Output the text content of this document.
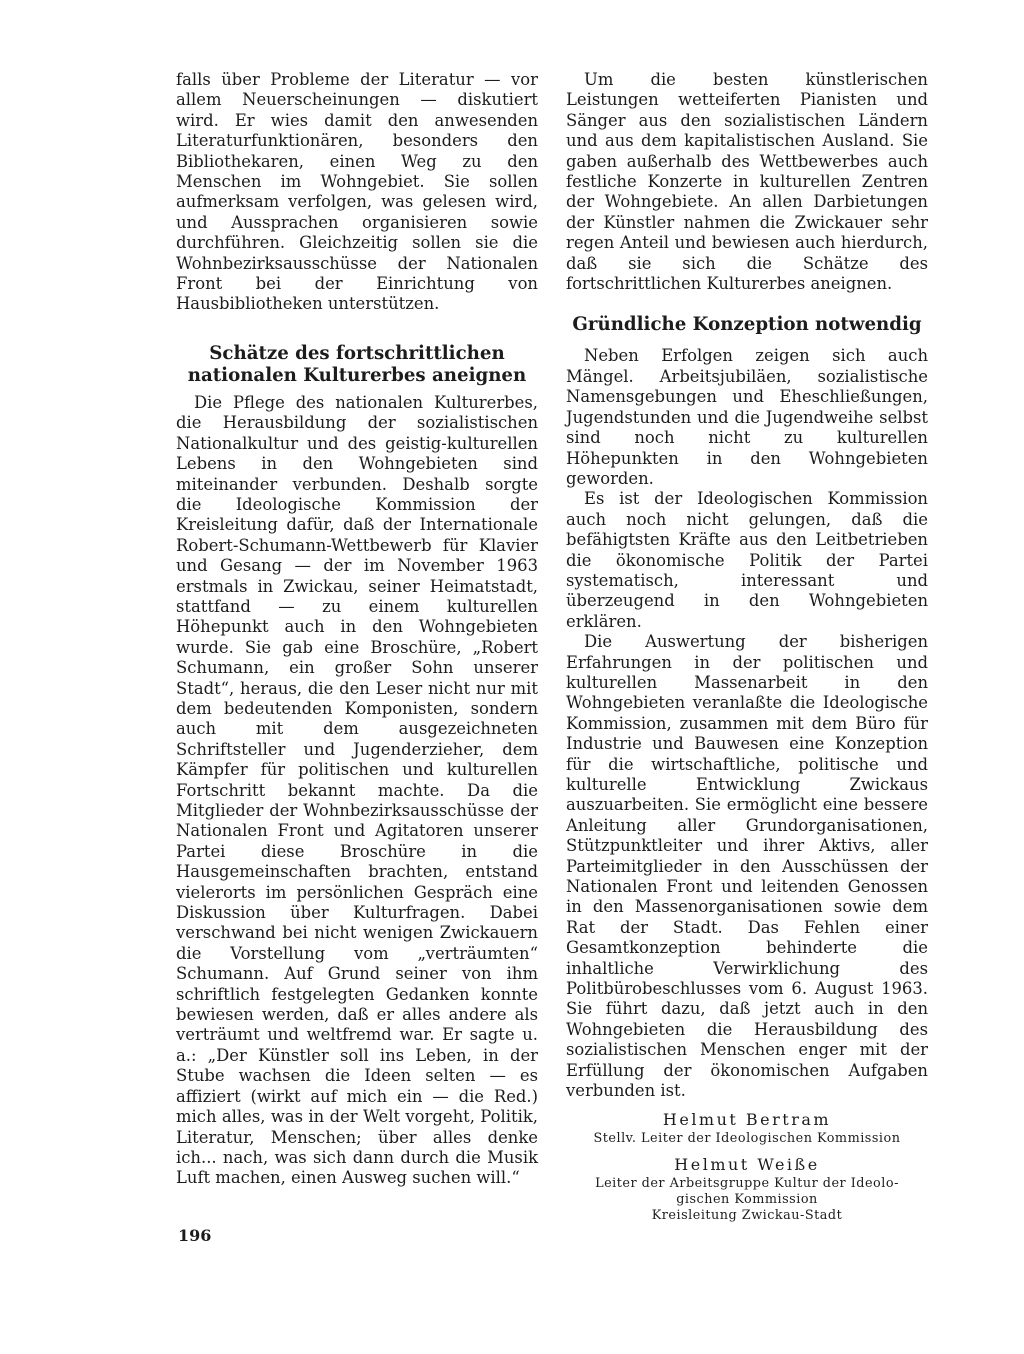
falls über Probleme der Literatur — vor allem Neuerscheinungen — diskutiert wird. Er wies damit den anwesenden Literaturfunktionären, besonders den Bibliothekaren, einen Weg zu den Menschen im Wohngebiet. Sie sollen aufmerksam verfolgen, was gelesen wird, und Aussprachen organisieren sowie durchführen. Gleichzeitig sollen sie die Wohnbezirksausschüsse der Nationalen Front bei der Einrichtung von Hausbibliotheken unterstützen.

Schätze des fortschrittlichen
nationalen Kulturerbes aneignen

Die Pflege des nationalen Kulturerbes, die Herausbildung der sozialistischen Nationalkultur und des geistig-kulturellen Lebens in den Wohngebieten sind miteinander verbunden. Deshalb sorgte die Ideologische Kommission der Kreisleitung dafür, daß der Internationale Robert-Schumann-Wettbewerb für Klavier und Gesang — der im November 1963 erstmals in Zwickau, seiner Heimatstadt, stattfand — zu einem kulturellen Höhepunkt auch in den Wohngebieten wurde. Sie gab eine Broschüre, „Robert Schumann, ein großer Sohn unserer Stadt“, heraus, die den Leser nicht nur mit dem bedeutenden Komponisten, sondern auch mit dem ausgezeichneten Schriftsteller und Jugenderzieher, dem Kämpfer für politischen und kulturellen Fortschritt bekannt machte. Da die Mitglieder der Wohnbezirksausschüsse der Nationalen Front und Agitatoren unserer Partei diese Broschüre in die Hausgemeinschaften brachten, entstand vielerorts im persönlichen Gespräch eine Diskussion über Kulturfragen. Dabei verschwand bei nicht wenigen Zwickauern die Vorstellung vom „verträumten“ Schumann. Auf Grund seiner von ihm schriftlich festgelegten Gedanken konnte bewiesen werden, daß er alles andere als verträumt und weltfremd war. Er sagte u. a.: „Der Künstler soll ins Leben, in der Stube wachsen die Ideen selten — es affiziert (wirkt auf mich ein — die Red.) mich alles, was in der Welt vorgeht, Politik, Literatur, Menschen; über alles denke ich... nach, was sich dann durch die Musik Luft machen, einen Ausweg suchen will.“

Um die besten künstlerischen Leistungen wetteiferten Pianisten und Sänger aus den sozialistischen Ländern und aus dem kapitalistischen Ausland. Sie gaben außerhalb des Wettbewerbes auch festliche Konzerte in kulturellen Zentren der Wohngebiete. An allen Darbietungen der Künstler nahmen die Zwickauer sehr regen Anteil und bewiesen auch hierdurch, daß sie sich die Schätze des fortschrittlichen Kulturerbes aneignen.

Gründliche Konzeption notwendig

Neben Erfolgen zeigen sich auch Mängel. Arbeitsjubiläen, sozialistische Namensgebungen und Eheschließungen, Jugendstunden und die Jugendweihe selbst sind noch nicht zu kulturellen Höhepunkten in den Wohngebieten geworden.

Es ist der Ideologischen Kommission auch noch nicht gelungen, daß die befähigtsten Kräfte aus den Leitbetrieben die ökonomische Politik der Partei systematisch, interessant und überzeugend in den Wohngebieten erklären.

Die Auswertung der bisherigen Erfahrungen in der politischen und kulturellen Massenarbeit in den Wohngebieten veranlaßte die Ideologische Kommission, zusammen mit dem Büro für Industrie und Bauwesen eine Konzeption für die wirtschaftliche, politische und kulturelle Entwicklung Zwickaus auszuarbeiten. Sie ermöglicht eine bessere Anleitung aller Grundorganisationen, Stützpunktleiter und ihrer Aktivs, aller Parteimitglieder in den Ausschüssen der Nationalen Front und leitenden Genossen in den Massenorganisationen sowie dem Rat der Stadt. Das Fehlen einer Gesamtkonzeption behinderte die inhaltliche Verwirklichung des Politbürobeschlusses vom 6. August 1963. Sie führt dazu, daß jetzt auch in den Wohngebieten die Herausbildung des sozialistischen Menschen enger mit der Erfüllung der ökonomischen Aufgaben verbunden ist.

Helmut Bertram
Stellv. Leiter der Ideologischen Kommission
Helmut Weiße
Leiter der Arbeitsgruppe Kultur der Ideolo-
gischen Kommission
Kreisleitung Zwickau-Stadt
196
